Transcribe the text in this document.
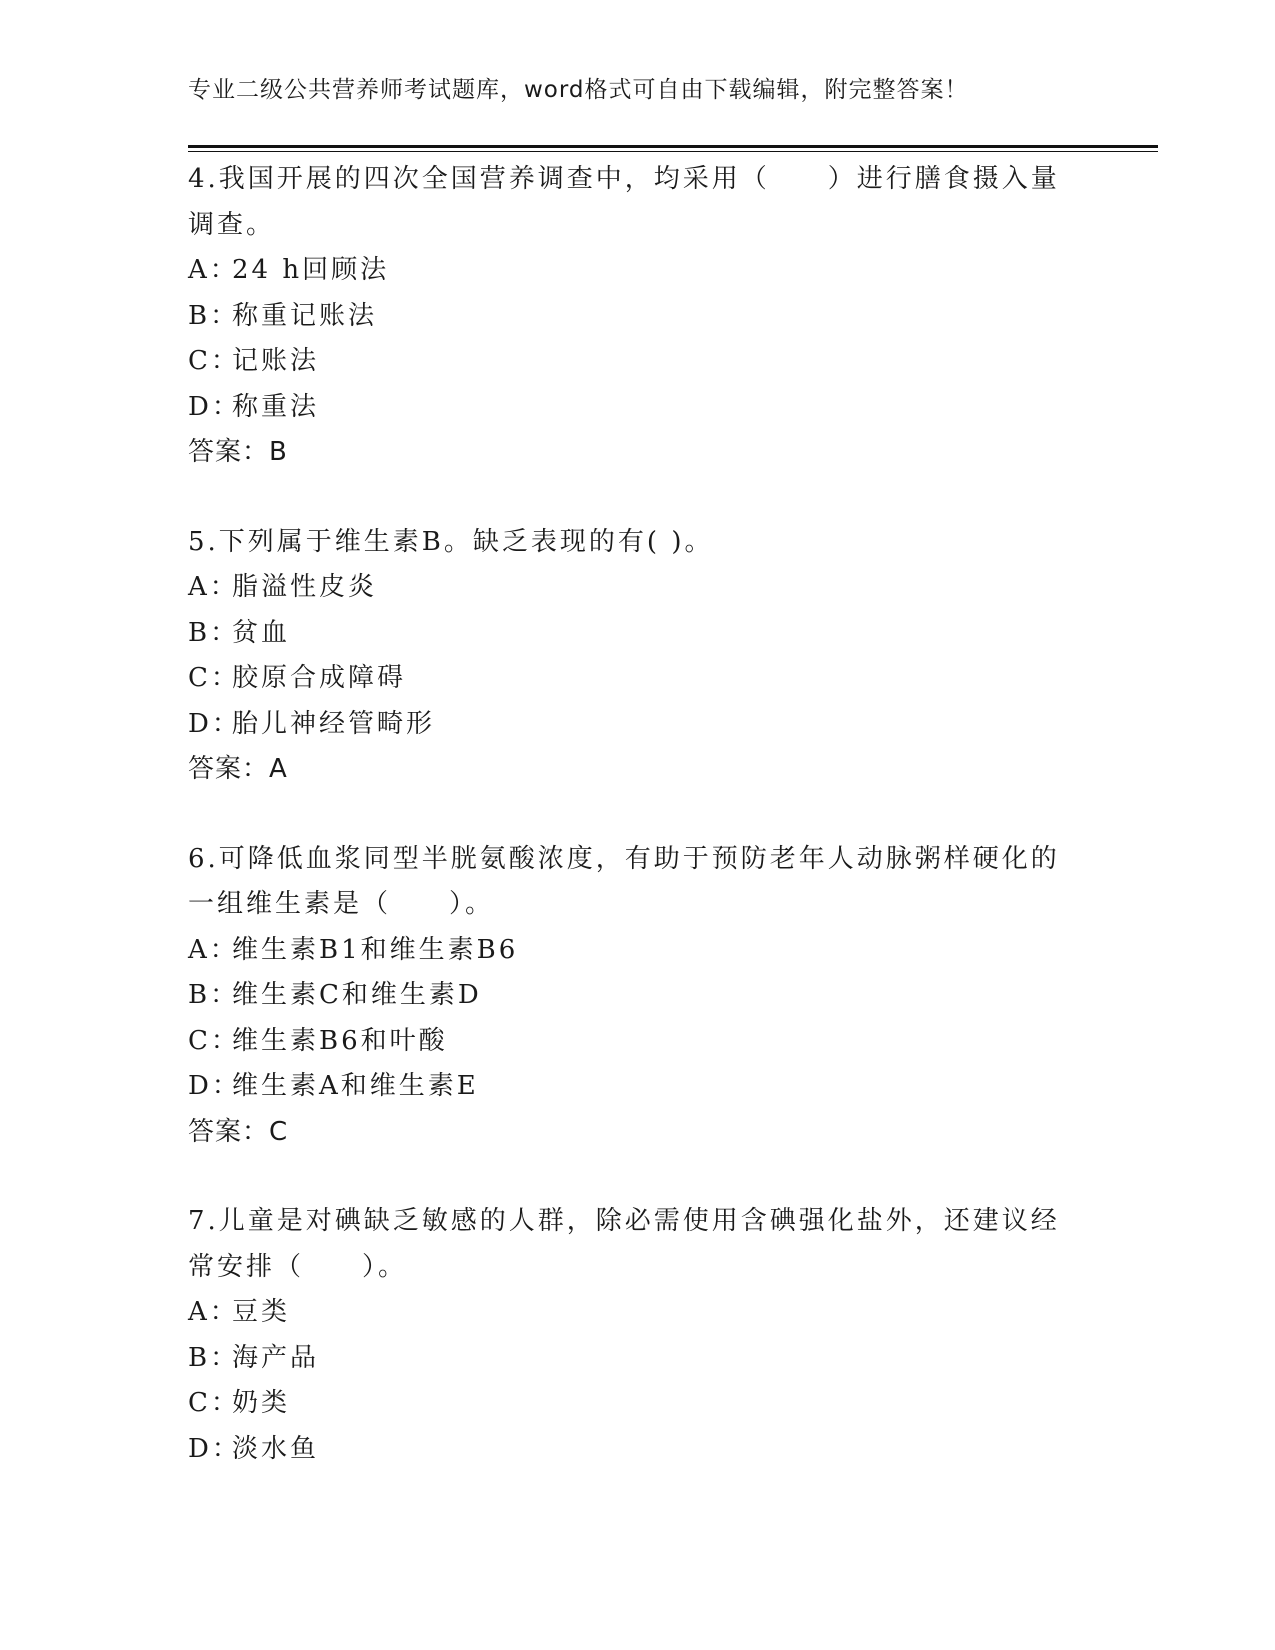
专业二级公共营养师考试题库，word格式可自由下载编辑，附完整答案！

4.我国开展的四次全国营养调查中，均采用（　　）进行膳食摄入量调查。

A：24 h回顾法

B：称重记账法

C：记账法

D：称重法

答案：B

5.下列属于维生素B。缺乏表现的有( )。

A：脂溢性皮炎

B：贫血

C：胶原合成障碍

D：胎儿神经管畸形

答案：A

6.可降低血浆同型半胱氨酸浓度，有助于预防老年人动脉粥样硬化的一组维生素是（　　）。

A：维生素B1和维生素B6

B：维生素C和维生素D

C：维生素B6和叶酸

D：维生素A和维生素E

答案：C

7.儿童是对碘缺乏敏感的人群，除必需使用含碘强化盐外，还建议经常安排（　　）。

A：豆类

B：海产品

C：奶类

D：淡水鱼
